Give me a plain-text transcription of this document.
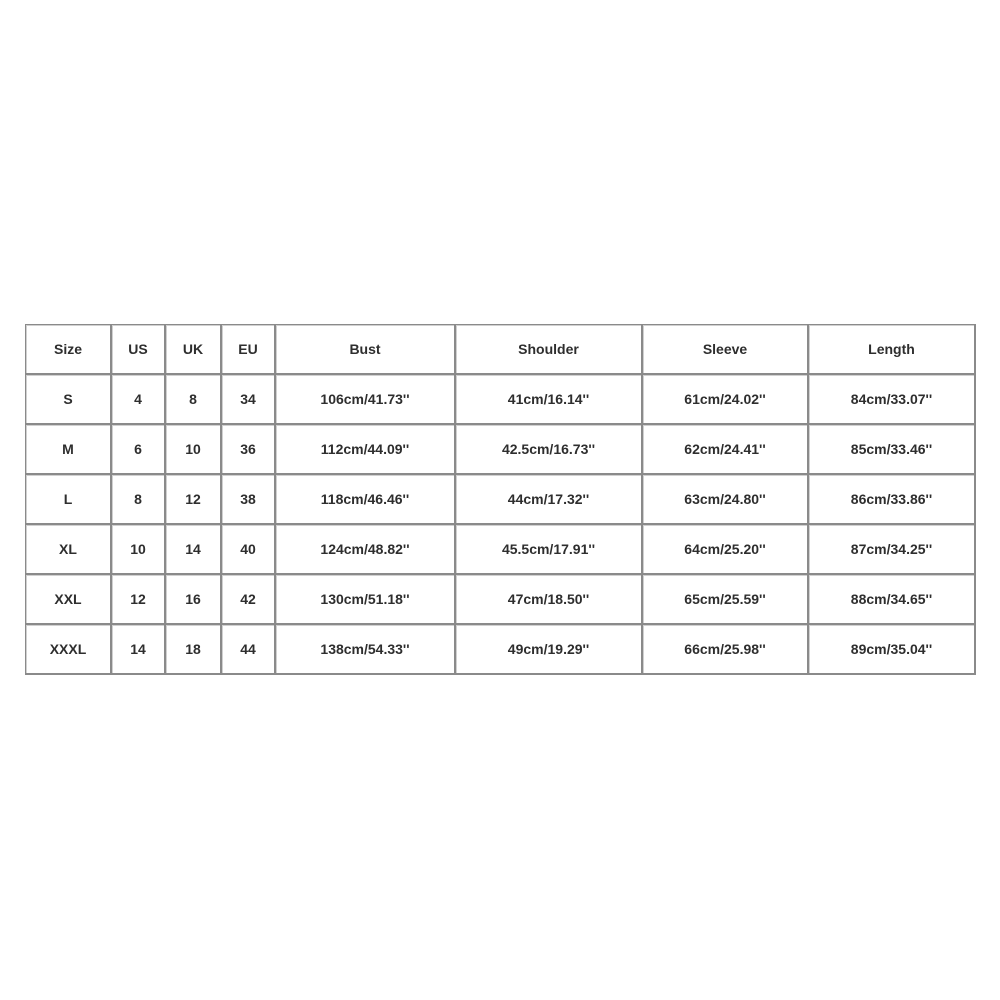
Size	US	UK	EU	Bust	Shoulder	Sleeve	Length
S	4	8	34	106cm/41.73''	41cm/16.14''	61cm/24.02''	84cm/33.07''
M	6	10	36	112cm/44.09''	42.5cm/16.73''	62cm/24.41''	85cm/33.46''
L	8	12	38	118cm/46.46''	44cm/17.32''	63cm/24.80''	86cm/33.86''
XL	10	14	40	124cm/48.82''	45.5cm/17.91''	64cm/25.20''	87cm/34.25''
XXL	12	16	42	130cm/51.18''	47cm/18.50''	65cm/25.59''	88cm/34.65''
XXXL	14	18	44	138cm/54.33''	49cm/19.29''	66cm/25.98''	89cm/35.04''
